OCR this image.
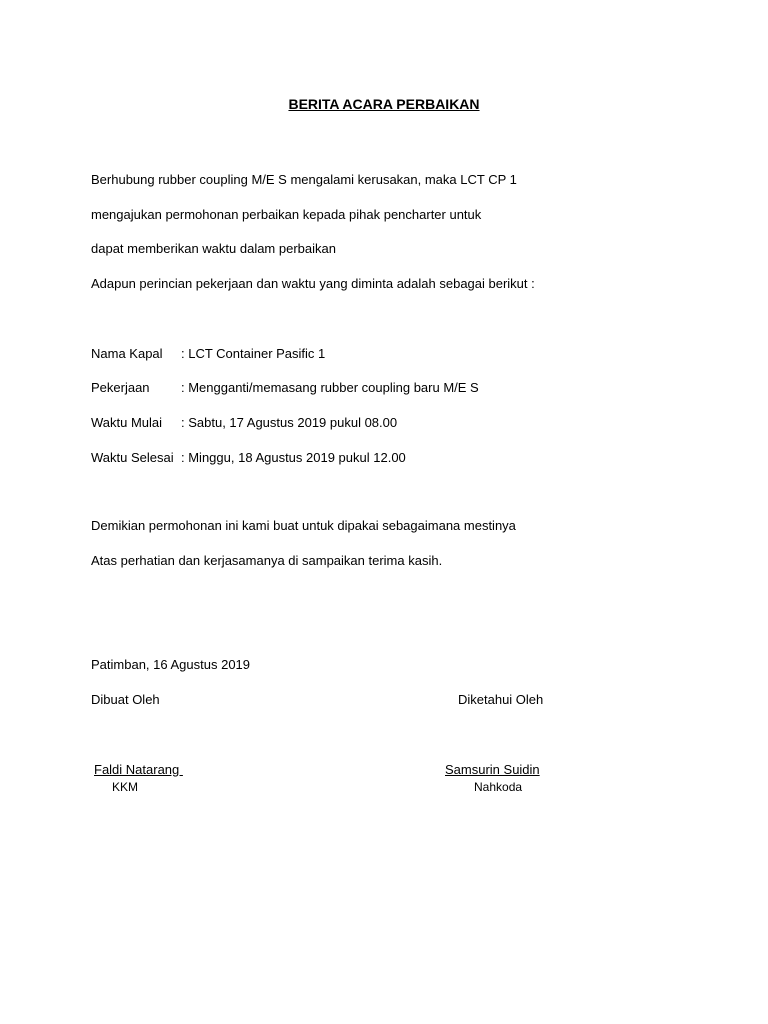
BERITA ACARA PERBAIKAN
Berhubung rubber coupling M/E S mengalami kerusakan, maka LCT CP 1
mengajukan permohonan perbaikan kepada pihak pencharter untuk
dapat memberikan waktu dalam perbaikan
Adapun perincian pekerjaan dan waktu yang diminta adalah sebagai berikut :
Nama Kapal : LCT Container Pasific 1
Pekerjaan : Mengganti/memasang rubber coupling baru M/E S
Waktu Mulai : Sabtu, 17 Agustus 2019 pukul 08.00
Waktu Selesai : Minggu, 18 Agustus 2019 pukul 12.00
Demikian permohonan ini kami buat untuk dipakai sebagaimana mestinya
Atas perhatian dan kerjasamanya di sampaikan terima kasih.
Patimban, 16 Agustus 2019
Dibuat Oleh	Diketahui Oleh
Faldi Natarang
KKM
Samsurin Suidin
Nahkoda
